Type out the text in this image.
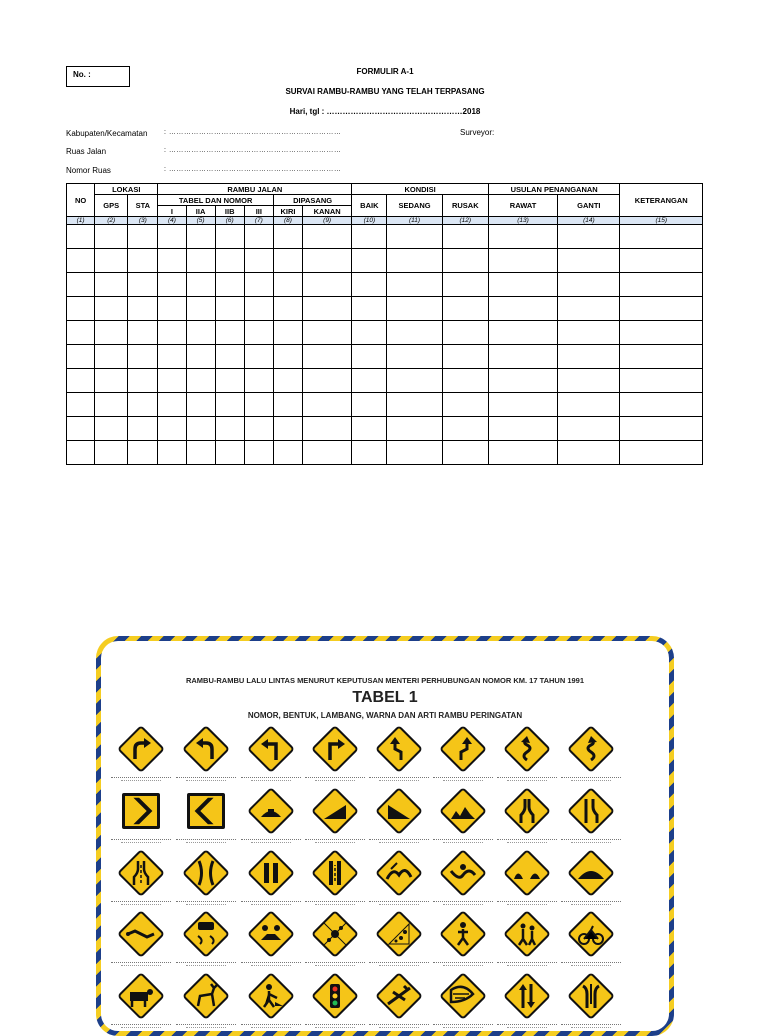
No. :	FORMULIR A-1
SURVAI RAMBU-RAMBU YANG TELAH TERPASANG
Hari, tgl : ……………………………………………2018
Kabupaten/Kecamatan : ……………………………………………………………
Ruas Jalan	: ……………………………………………………………
Nomor Ruas	: ……………………………………………………………
Surveyor:
NO	LOKASI		RAMBU JALAN						KONDISI			USULAN PENANGANAN		KETERANGAN
	GPS	STA	TABEL DAN NOMOR				DIPASANG		BAIK	SEDANG	RUSAK	RAWAT	GANTI	
			I	IIA	IIB	III	KIRI	KANAN						
(1)	(2)	(3)	(4)	(5)	(6)	(7)	(8)	(9)	(10)	(11)	(12)	(13)	(14)	(15)

RAMBU-RAMBU LALU LINTAS MENURUT KEPUTUSAN MENTERI PERHUBUNGAN NOMOR KM. 17 TAHUN 1991
TABEL 1
NOMOR, BENTUK, LAMBANG, WARNA DAN ARTI RAMBU PERINGATAN
